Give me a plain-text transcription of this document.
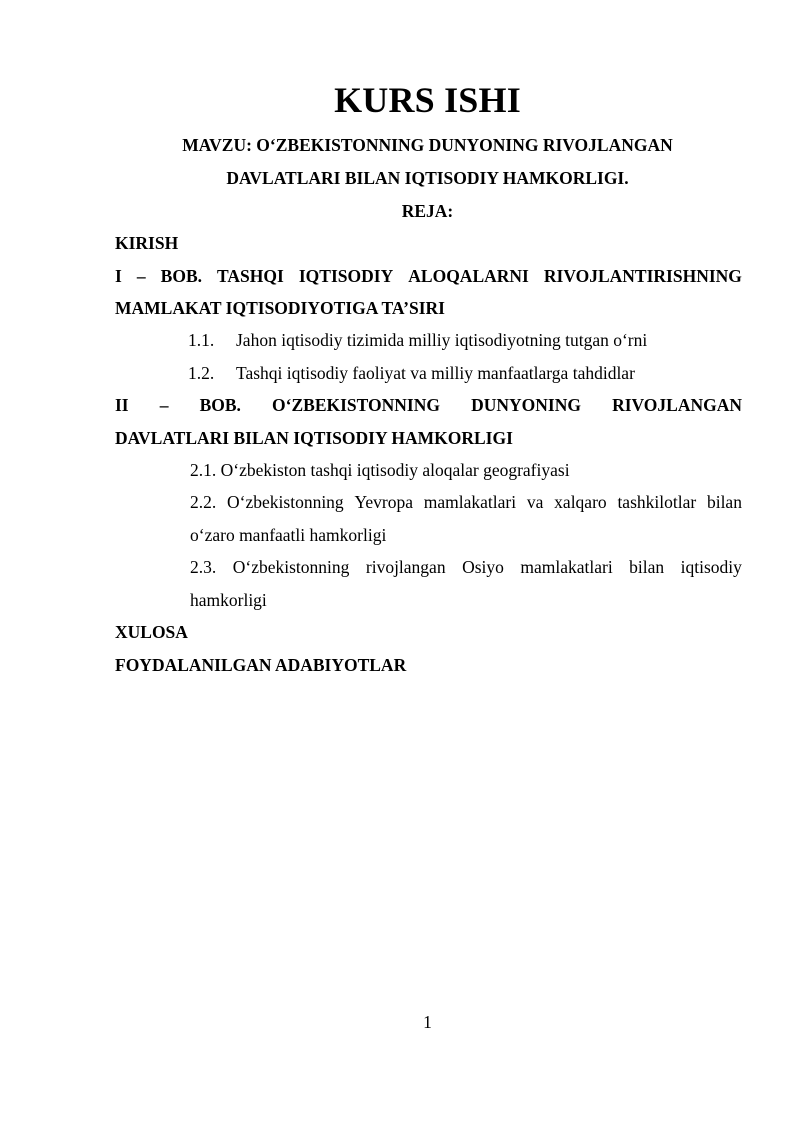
KURS ISHI
MAVZU: O‘ZBEKISTONNING DUNYONING RIVOJLANGAN
DAVLATLARI BILAN IQTISODIY HAMKORLIGI.
REJA:
KIRISH
I – BOB. TASHQI IQTISODIY ALOQALARNI RIVOJLANTIRISHNING
MAMLAKAT IQTISODIYOTIGA TA’SIRI
1.1. Jahon iqtisodiy tizimida milliy iqtisodiyotning tutgan o‘rni
1.2. Tashqi iqtisodiy faoliyat va milliy manfaatlarga tahdidlar
II – BOB. O‘ZBEKISTONNING DUNYONING RIVOJLANGAN
DAVLATLARI BILAN IQTISODIY HAMKORLIGI
2.1. O‘zbekiston tashqi iqtisodiy aloqalar geografiyasi
2.2. O‘zbekistonning Yevropa mamlakatlari va xalqaro tashkilotlar bilan
o‘zaro manfaatli hamkorligi
2.3. O‘zbekistonning rivojlangan Osiyo mamlakatlari bilan iqtisodiy
hamkorligi
XULOSA
FOYDALANILGAN ADABIYOTLAR
1
